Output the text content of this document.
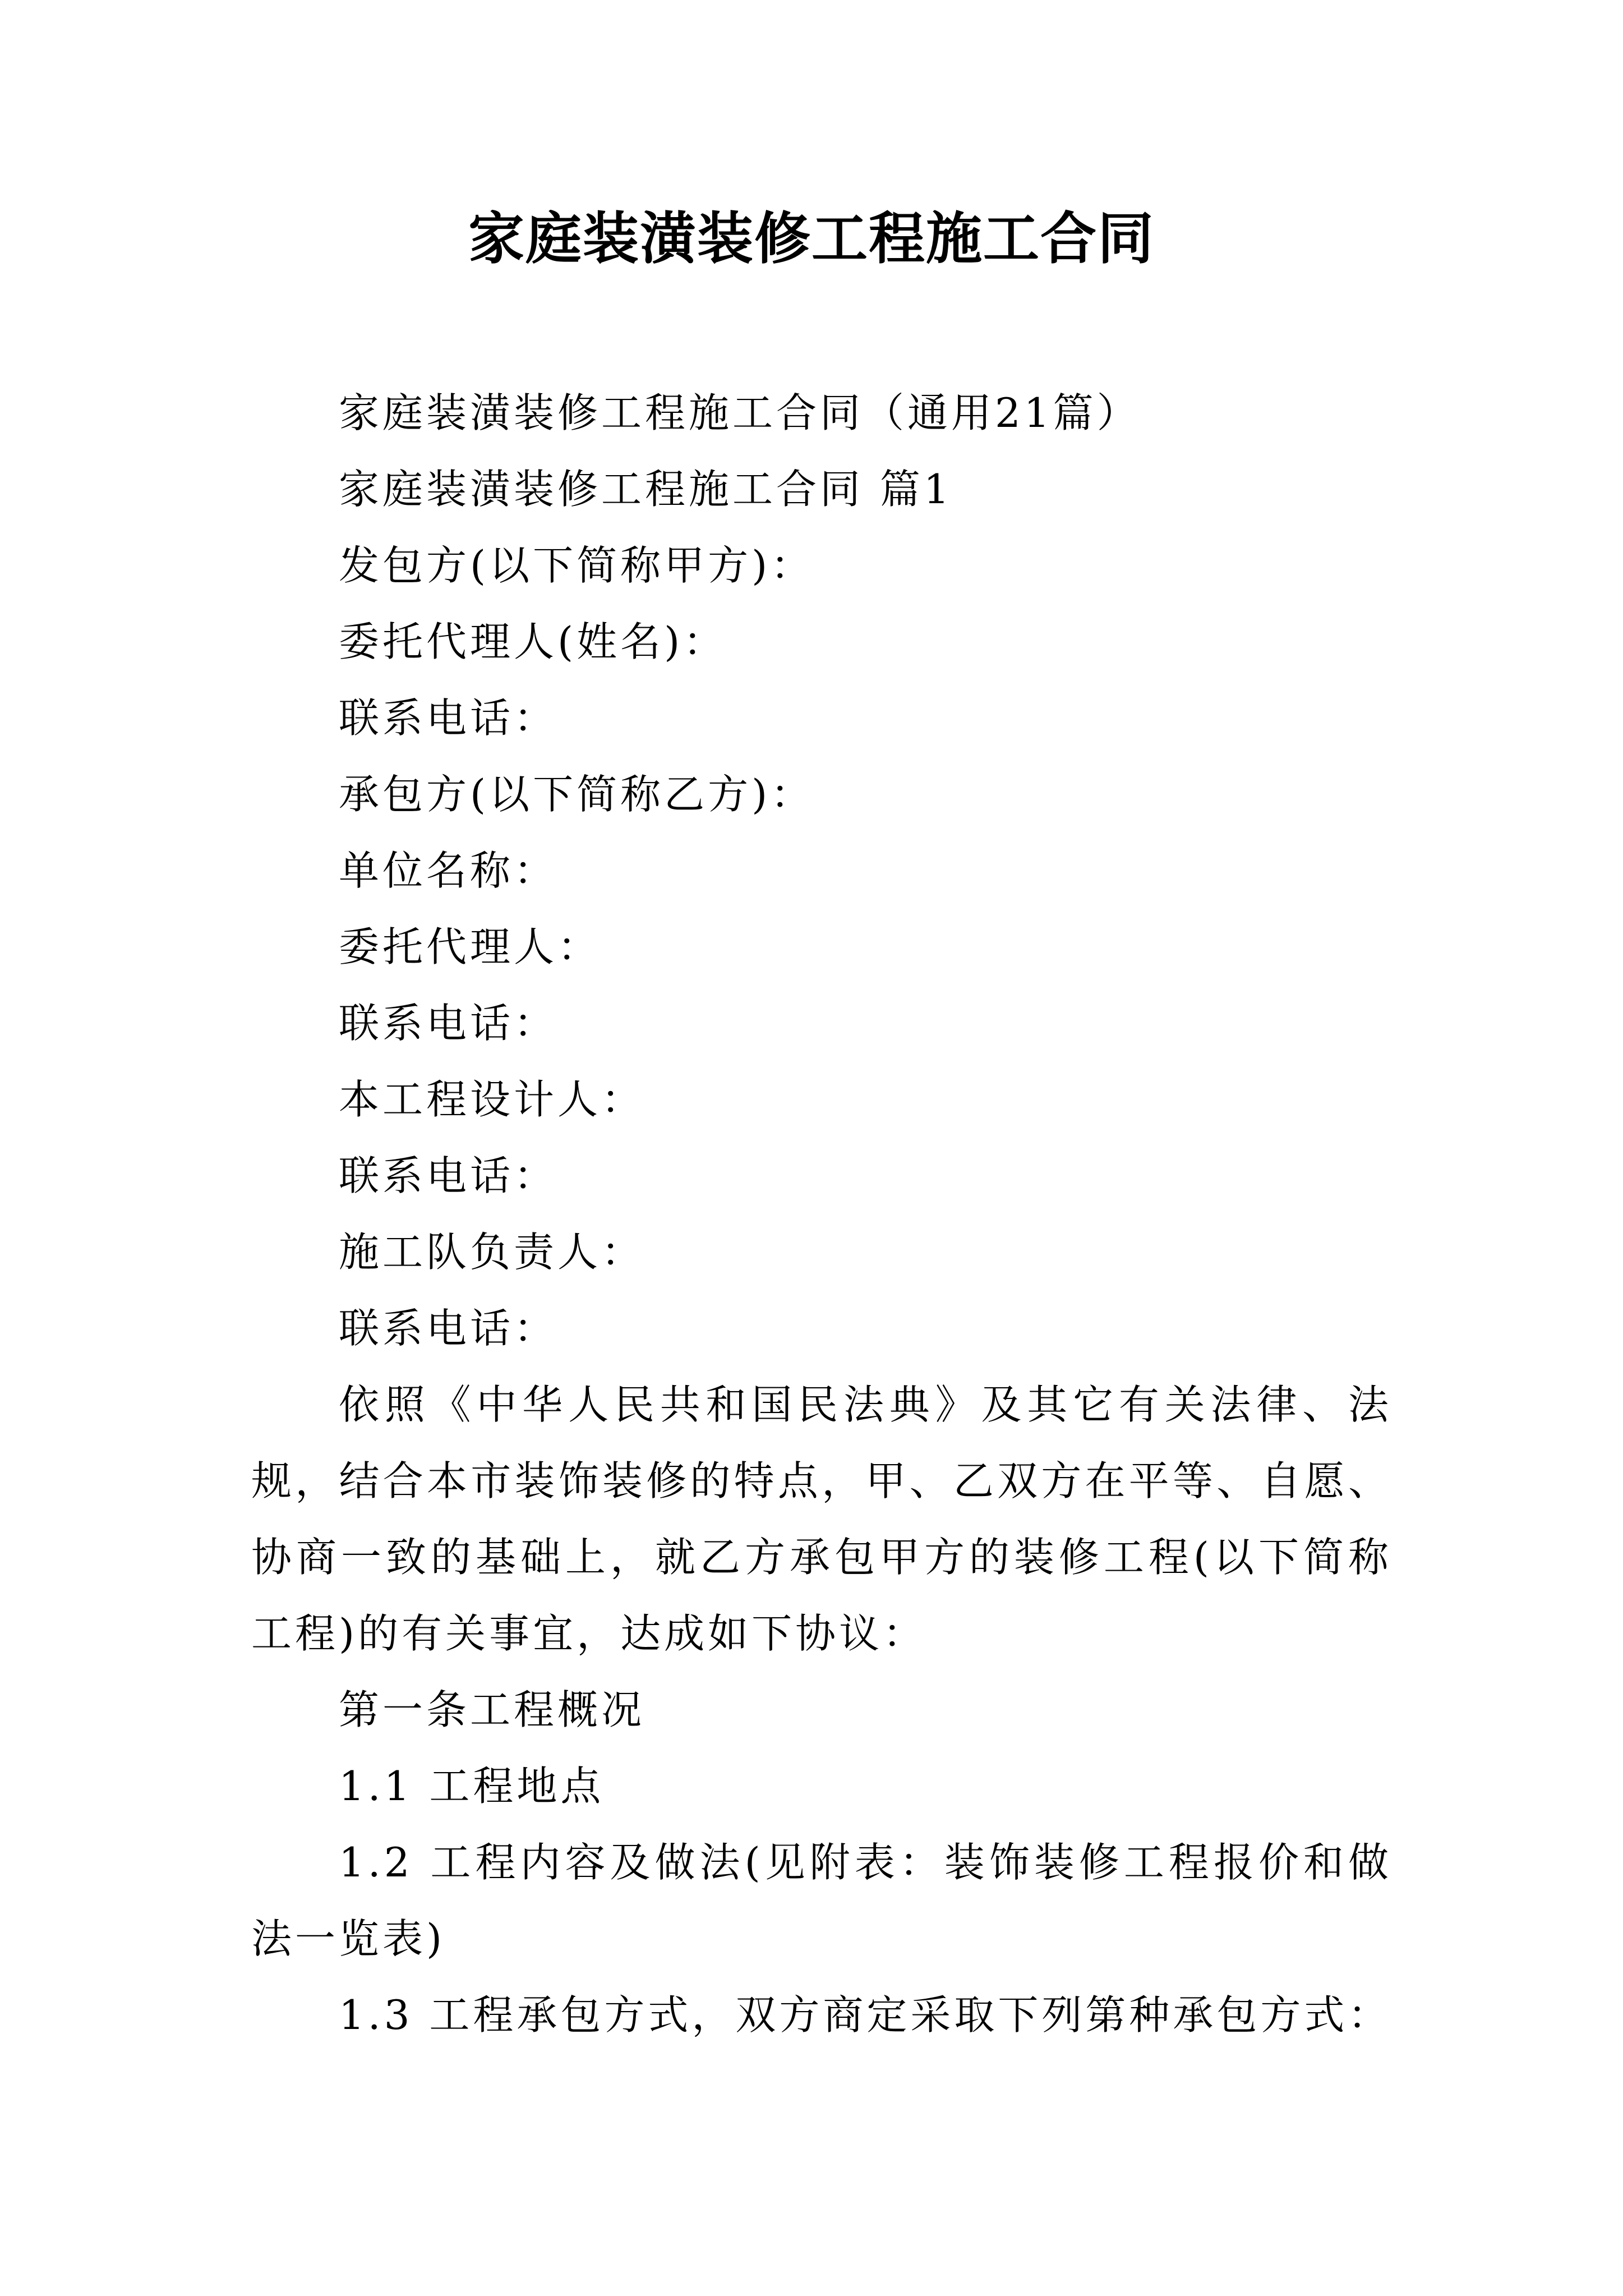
家庭装潢装修工程施工合同

家庭装潢装修工程施工合同（通用21篇）

家庭装潢装修工程施工合同 篇1

发包方(以下简称甲方)：

委托代理人(姓名)：

联系电话：

承包方(以下简称乙方)：

单位名称：

委托代理人：

联系电话：

本工程设计人：

联系电话：

施工队负责人：

联系电话：

依照《中华人民共和国民法典》及其它有关法律、法规，结合本市装饰装修的特点，甲、乙双方在平等、自愿、协商一致的基础上，就乙方承包甲方的装修工程(以下简称工程)的有关事宜，达成如下协议：

第一条工程概况

1.1 工程地点

1.2 工程内容及做法(见附表：装饰装修工程报价和做法一览表)

1.3 工程承包方式，双方商定采取下列第种承包方式：
